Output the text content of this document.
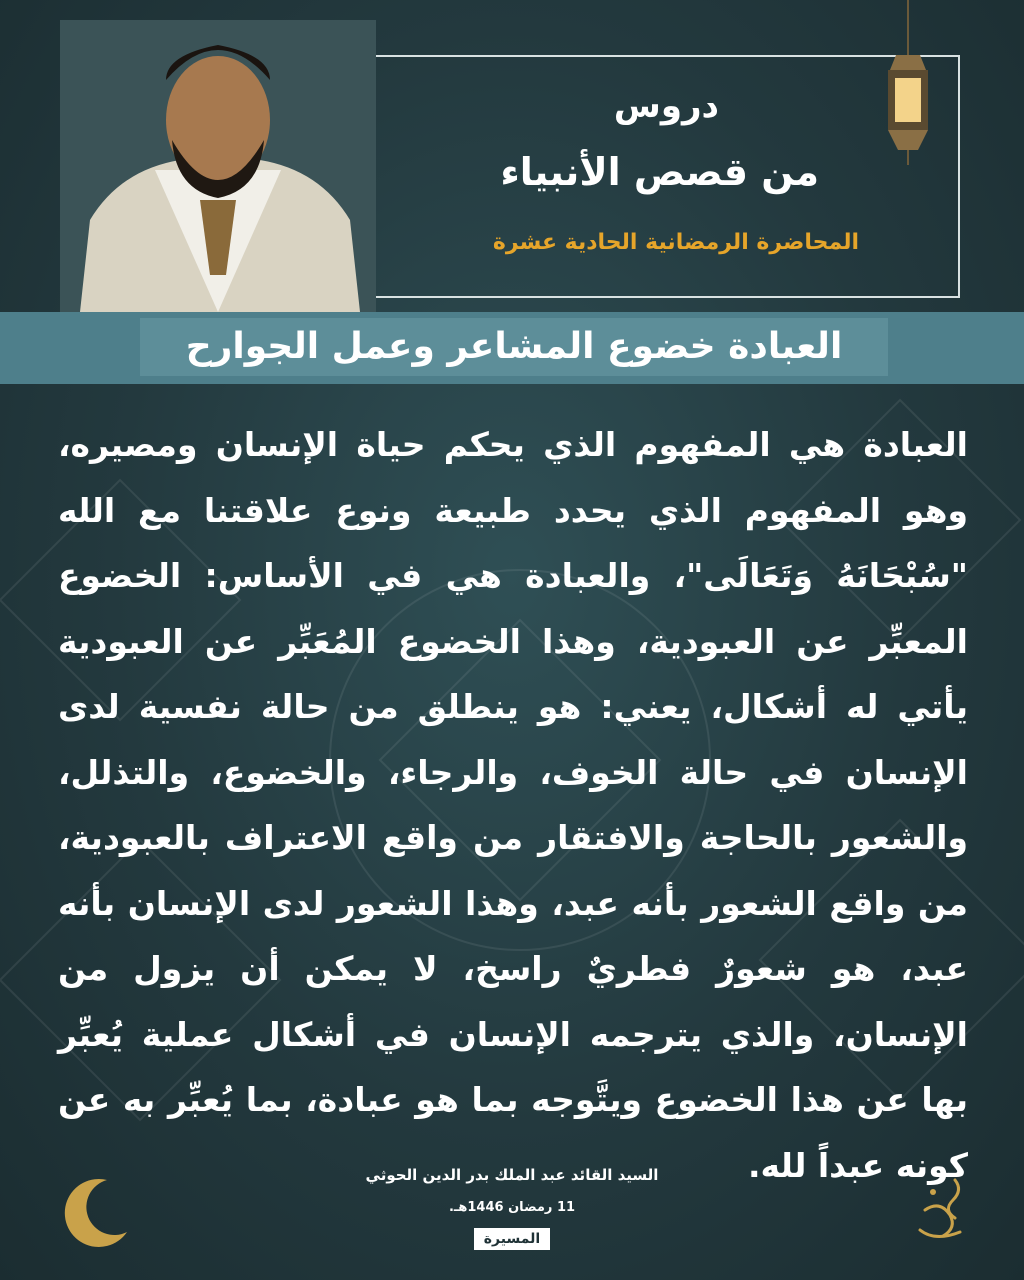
دروس
من قصص الأنبياء
المحاضرة الرمضانية الحادية عشرة
العبادة خضوع المشاعر وعمل الجوارح
العبادة هي المفهوم الذي يحكم حياة الإنسان ومصيره، وهو المفهوم الذي يحدد طبيعة ونوع علاقتنا مع الله "سُبْحَانَهُ وَتَعَالَى"، والعبادة هي في الأساس: الخضوع المعبِّر عن العبودية، وهذا الخضوع المُعَبِّر عن العبودية يأتي له أشكال، يعني: هو ينطلق من حالة نفسية لدى الإنسان في حالة الخوف، والرجاء، والخضوع، والتذلل، والشعور بالحاجة والافتقار من واقع الاعتراف بالعبودية، من واقع الشعور بأنه عبد، وهذا الشعور لدى الإنسان بأنه عبد، هو شعورٌ فطريٌ راسخ، لا يمكن أن يزول من الإنسان، والذي يترجمه الإنسان في أشكال عملية يُعبِّر بها عن هذا الخضوع ويتَّوجه بما هو عبادة، بما يُعبِّر به عن كونه عبداً لله.
السيد القائد عبد الملك بدر الدين الحوثي
11 رمضان 1446هـ.
المسيرة
